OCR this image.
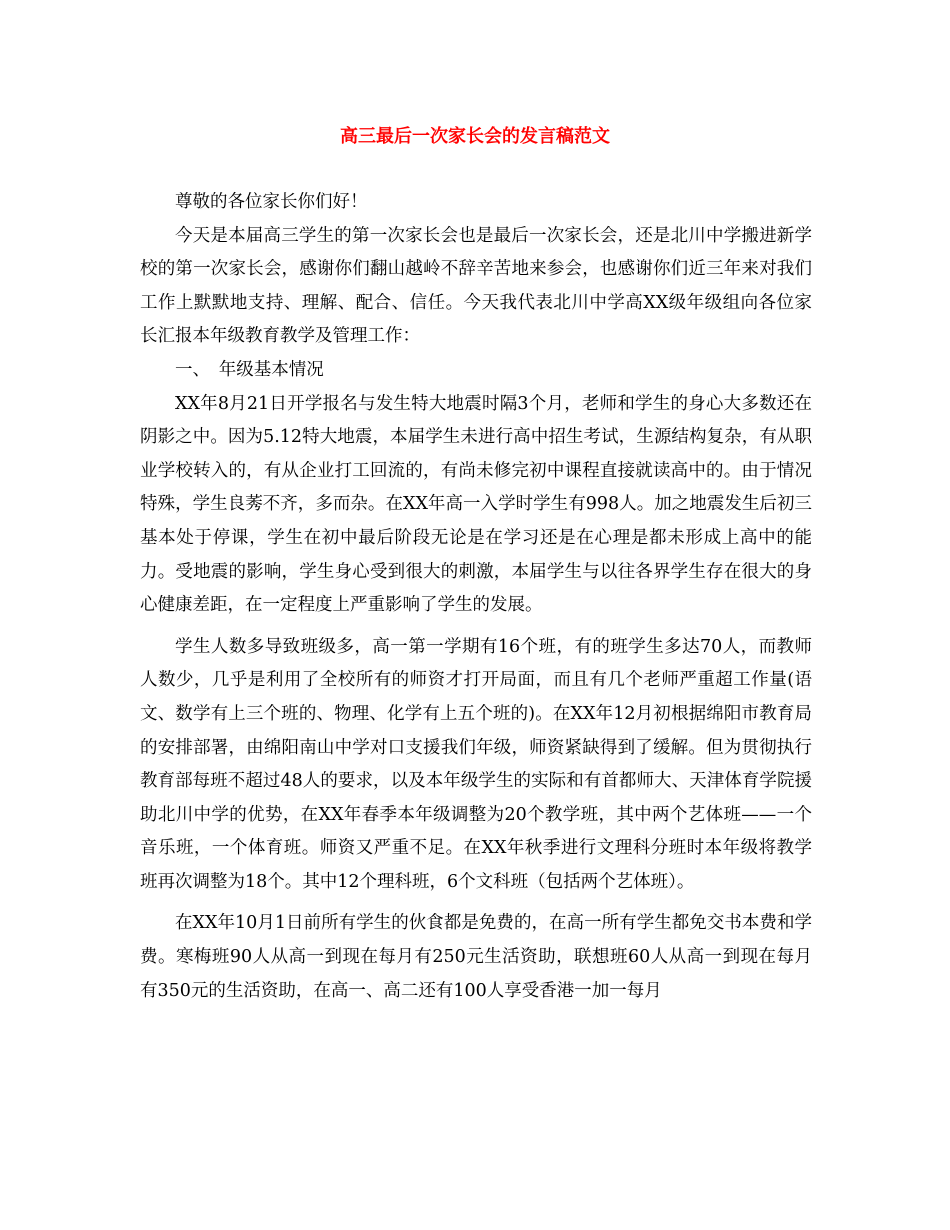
高三最后一次家长会的发言稿范文

尊敬的各位家长你们好！

今天是本届高三学生的第一次家长会也是最后一次家长会，还是北川中学搬进新学校的第一次家长会，感谢你们翻山越岭不辞辛苦地来参会，也感谢你们近三年来对我们工作上默默地支持、理解、配合、信任。今天我代表北川中学高XX级年级组向各位家长汇报本年级教育教学及管理工作：

一、 年级基本情况

XX年8月21日开学报名与发生特大地震时隔3个月，老师和学生的身心大多数还在阴影之中。因为5.12特大地震，本届学生未进行高中招生考试，生源结构复杂，有从职业学校转入的，有从企业打工回流的，有尚未修完初中课程直接就读高中的。由于情况特殊，学生良莠不齐，多而杂。在XX年高一入学时学生有998人。加之地震发生后初三基本处于停课，学生在初中最后阶段无论是在学习还是在心理是都未形成上高中的能力。受地震的影响，学生身心受到很大的刺激，本届学生与以往各界学生存在很大的身心健康差距，在一定程度上严重影响了学生的发展。

学生人数多导致班级多，高一第一学期有16个班，有的班学生多达70人，而教师人数少，几乎是利用了全校所有的师资才打开局面，而且有几个老师严重超工作量(语文、数学有上三个班的、物理、化学有上五个班的)。在XX年12月初根据绵阳市教育局的安排部署，由绵阳南山中学对口支援我们年级，师资紧缺得到了缓解。但为贯彻执行教育部每班不超过48人的要求，以及本年级学生的实际和有首都师大、天津体育学院援助北川中学的优势，在XX年春季本年级调整为20个教学班，其中两个艺体班——一个音乐班，一个体育班。师资又严重不足。在XX年秋季进行文理科分班时本年级将教学班再次调整为18个。其中12个理科班，6个文科班（包括两个艺体班）。

在XX年10月1日前所有学生的伙食都是免费的，在高一所有学生都免交书本费和学费。寒梅班90人从高一到现在每月有250元生活资助，联想班60人从高一到现在每月有350元的生活资助，在高一、高二还有100人享受香港一加一每月
